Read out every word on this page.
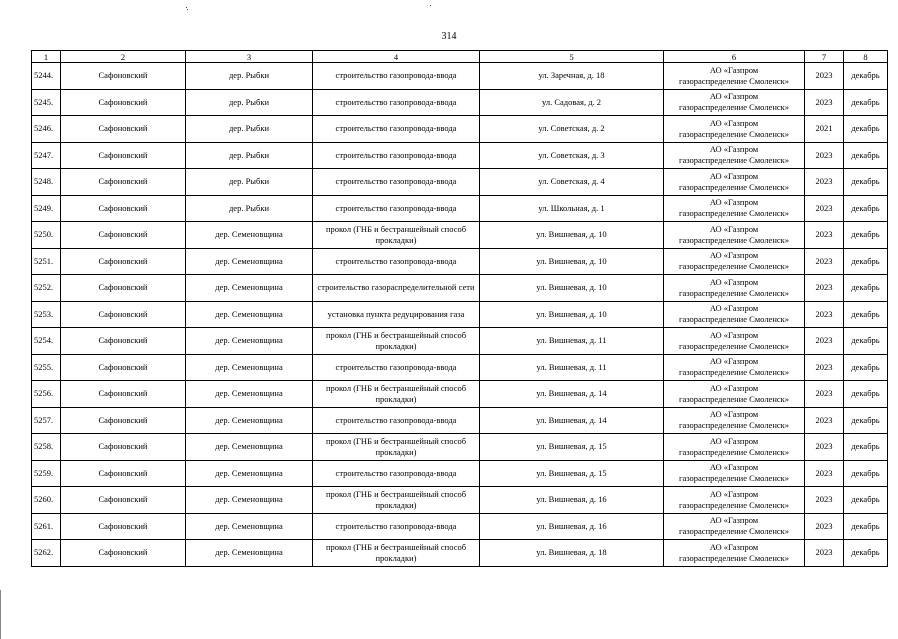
314
1	2	3	4	5	6	7	8
5244.	Сафоновский	дер. Рыбки	строительство газопровода-ввода	ул. Заречная, д. 18	АО «Газпром
газораспределение Смоленск»	2023	декабрь
5245.	Сафоновский	дер. Рыбки	строительство газопровода-ввода	ул. Садовая, д. 2	АО «Газпром
газораспределение Смоленск»	2023	декабрь
5246.	Сафоновский	дер. Рыбки	строительство газопровода-ввода	ул. Советская, д. 2	АО «Газпром
газораспределение Смоленск»	2021	декабрь
5247.	Сафоновский	дер. Рыбки	строительство газопровода-ввода	ул. Советская, д. 3	АО «Газпром
газораспределение Смоленск»	2023	декабрь
5248.	Сафоновский	дер. Рыбки	строительство газопровода-ввода	ул. Советская, д. 4	АО «Газпром
газораспределение Смоленск»	2023	декабрь
5249.	Сафоновский	дер. Рыбки	строительство газопровода-ввода	ул. Школьная, д. 1	АО «Газпром
газораспределение Смоленск»	2023	декабрь
5250.	Сафоновский	дер. Семеновщина	прокол (ГНБ и бестраншейный способ прокладки)	ул. Вишневая, д. 10	АО «Газпром
газораспределение Смоленск»	2023	декабрь
5251.	Сафоновский	дер. Семеновщина	строительство газопровода-ввода	ул. Вишневая, д. 10	АО «Газпром
газораспределение Смоленск»	2023	декабрь
5252.	Сафоновский	дер. Семеновщина	строительство газораспределительной сети	ул. Вишневая, д. 10	АО «Газпром
газораспределение Смоленск»	2023	декабрь
5253.	Сафоновский	дер. Семеновщина	установка пункта редуцирования газа	ул. Вишневая, д. 10	АО «Газпром
газораспределение Смоленск»	2023	декабрь
5254.	Сафоновский	дер. Семеновщина	прокол (ГНБ и бестраншейный способ прокладки)	ул. Вишневая, д. 11	АО «Газпром
газораспределение Смоленск»	2023	декабрь
5255.	Сафоновский	дер. Семеновщина	строительство газопровода-ввода	ул. Вишневая, д. 11	АО «Газпром
газораспределение Смоленск»	2023	декабрь
5256.	Сафоновский	дер. Семеновщина	прокол (ГНБ и бестраншейный способ прокладки)	ул. Вишневая, д. 14	АО «Газпром
газораспределение Смоленск»	2023	декабрь
5257.	Сафоновский	дер. Семеновщина	строительство газопровода-ввода	ул. Вишневая, д. 14	АО «Газпром
газораспределение Смоленск»	2023	декабрь
5258.	Сафоновский	дер. Семеновщина	прокол (ГНБ и бестраншейный способ прокладки)	ул. Вишневая, д. 15	АО «Газпром
газораспределение Смоленск»	2023	декабрь
5259.	Сафоновский	дер. Семеновщина	строительство газопровода-ввода	ул. Вишневая, д. 15	АО «Газпром
газораспределение Смоленск»	2023	декабрь
5260.	Сафоновский	дер. Семеновщина	прокол (ГНБ и бестраншейный способ прокладки)	ул. Вишневая, д. 16	АО «Газпром
газораспределение Смоленск»	2023	декабрь
5261.	Сафоновский	дер. Семеновщина	строительство газопровода-ввода	ул. Вишневая, д. 16	АО «Газпром
газораспределение Смоленск»	2023	декабрь
5262.	Сафоновский	дер. Семеновщина	прокол (ГНБ и бестраншейный способ прокладки)	ул. Вишневая, д. 18	АО «Газпром
газораспределение Смоленск»	2023	декабрь
